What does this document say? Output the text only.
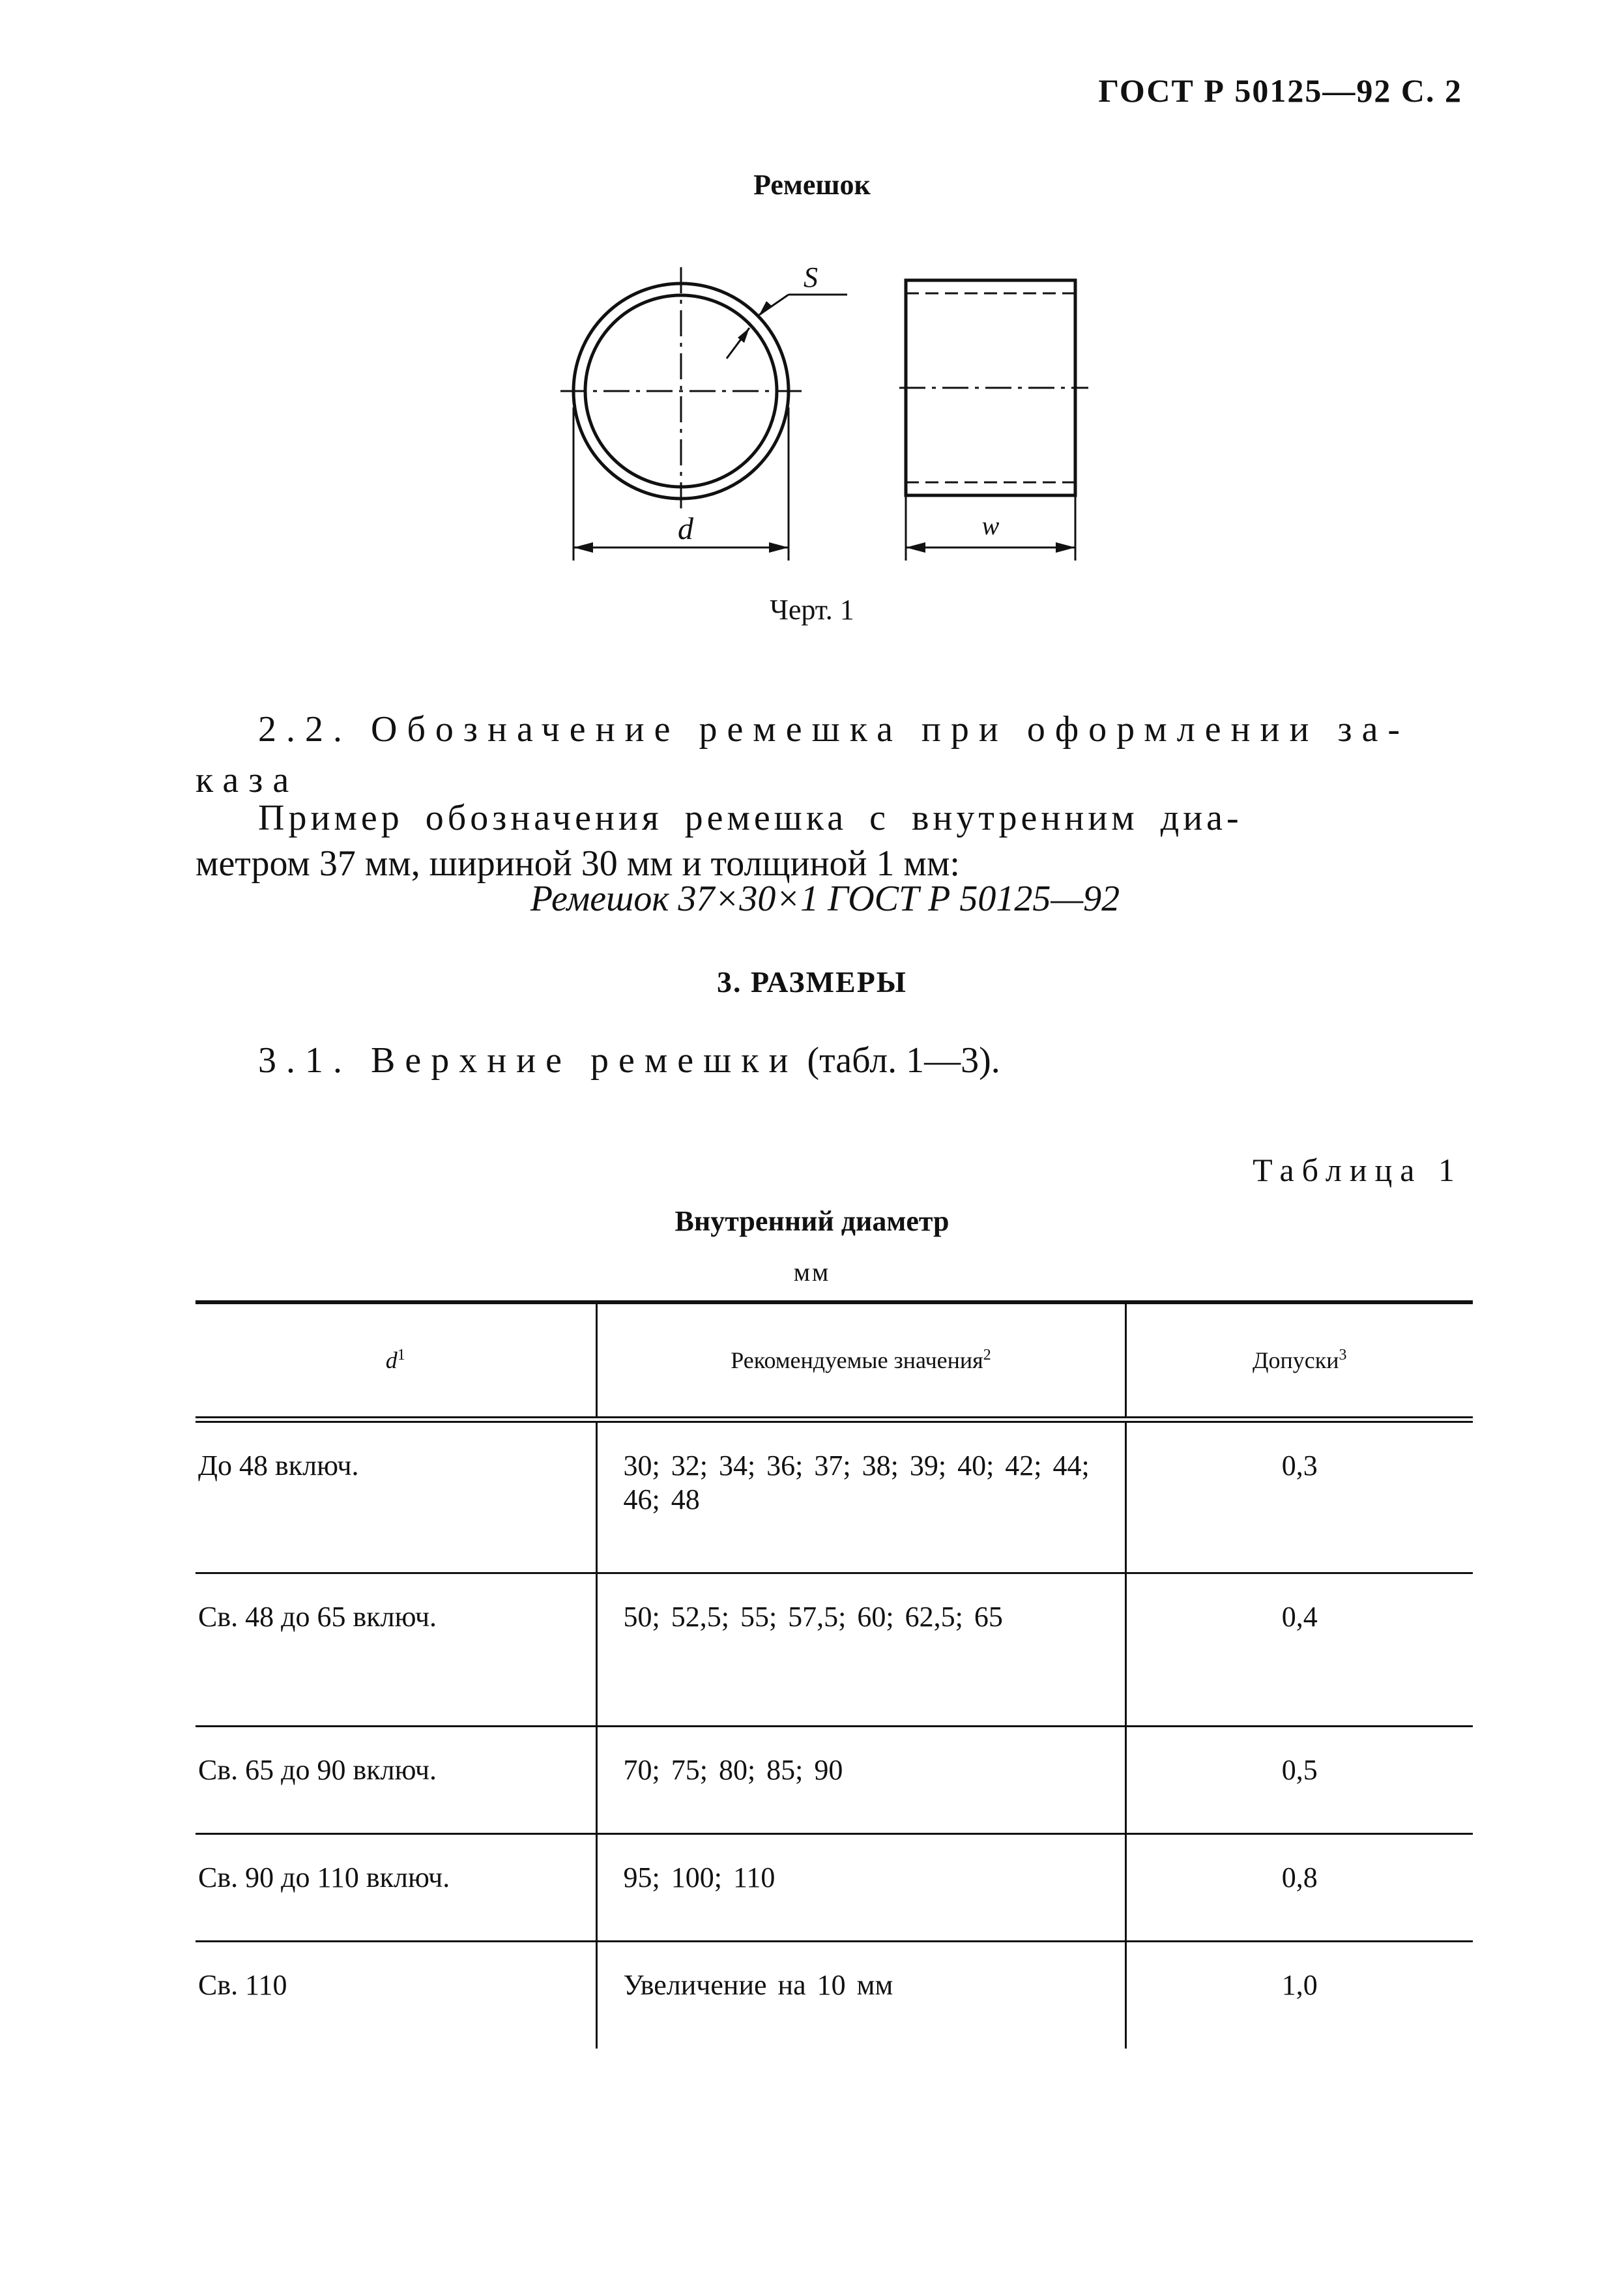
ГОСТ Р 50125—92 С. 2
Ремешок
S
d	w
Черт. 1
2.2. Обозначение ремешка при оформлении за-
каза
Пример обозначения ремешка с внутренним диа-
метром 37 мм, шириной 30 мм и толщиной 1 мм:
Ремешок 37×30×1 ГОСТ Р 50125—92
3. РАЗМЕРЫ
3.1. Верхние ремешки (табл. 1—3).
Таблица 1
Внутренний диаметр
мм
$d^1$	Рекомендуемые значения$^2$	Допуски$^3$
До 48 включ.	30; 32; 34; 36; 37; 38; 39; 40; 42; 44; 46; 48	0,3
Св. 48 до 65 включ.	50; 52,5; 55; 57,5; 60; 62,5; 65	0,4
Св. 65 до 90 включ.	70; 75; 80; 85; 90	0,5
Св. 90 до 110 включ.	95; 100; 110	0,8
Св. 110	Увеличение на 10 мм	1,0
